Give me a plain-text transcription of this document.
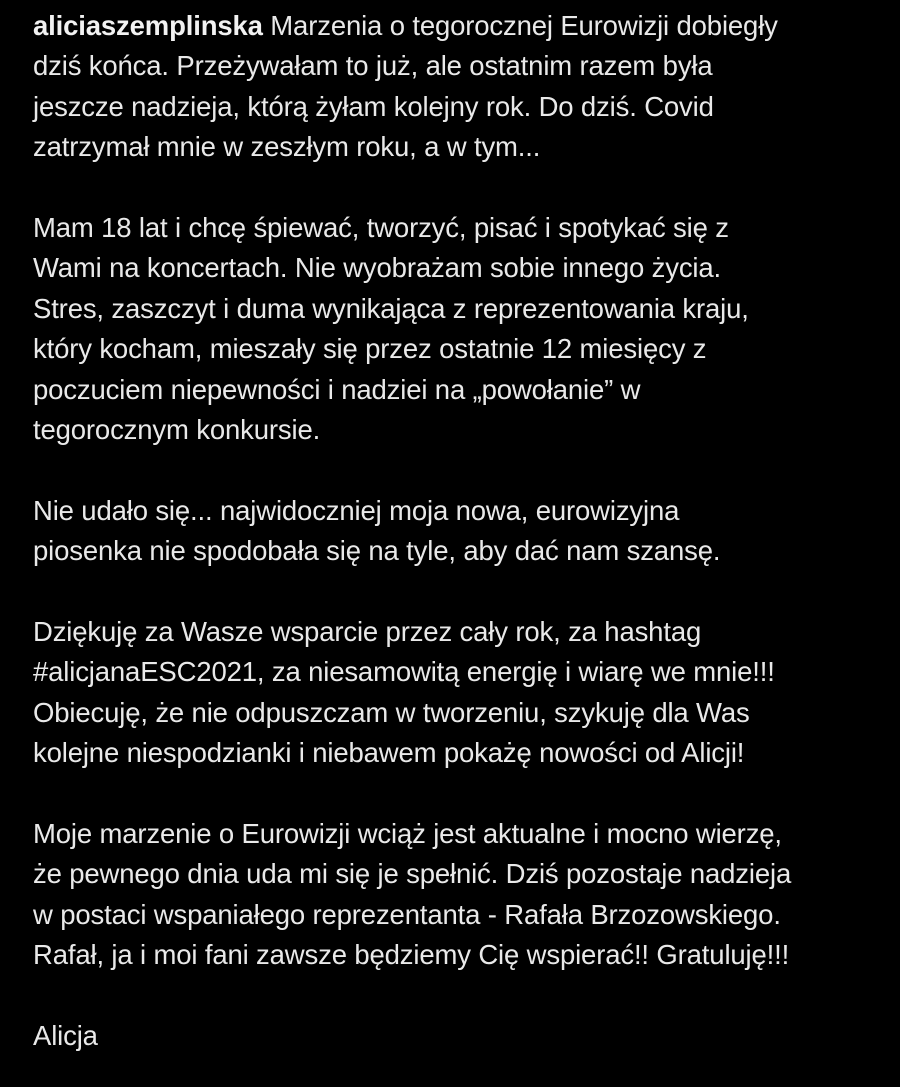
aliciaszemplinska Marzenia o tegorocznej Eurowizji dobiegły
dziś końca. Przeżywałam to już, ale ostatnim razem była
jeszcze nadzieja, którą żyłam kolejny rok. Do dziś. Covid
zatrzymał mnie w zeszłym roku, a w tym...
Mam 18 lat i chcę śpiewać, tworzyć, pisać i spotykać się z
Wami na koncertach. Nie wyobrażam sobie innego życia.
Stres, zaszczyt i duma wynikająca z reprezentowania kraju,
który kocham, mieszały się przez ostatnie 12 miesięcy z
poczuciem niepewności i nadziei na „powołanie” w
tegorocznym konkursie.
Nie udało się... najwidoczniej moja nowa, eurowizyjna
piosenka nie spodobała się na tyle, aby dać nam szansę.
Dziękuję za Wasze wsparcie przez cały rok, za hashtag
#alicjanaESC2021, za niesamowitą energię i wiarę we mnie!!!
Obiecuję, że nie odpuszczam w tworzeniu, szykuję dla Was
kolejne niespodzianki i niebawem pokażę nowości od Alicji!
Moje marzenie o Eurowizji wciąż jest aktualne i mocno wierzę,
że pewnego dnia uda mi się je spełnić. Dziś pozostaje nadzieja
w postaci wspaniałego reprezentanta - Rafała Brzozowskiego.
Rafał, ja i moi fani zawsze będziemy Cię wspierać!! Gratuluję!!!
Alicja
